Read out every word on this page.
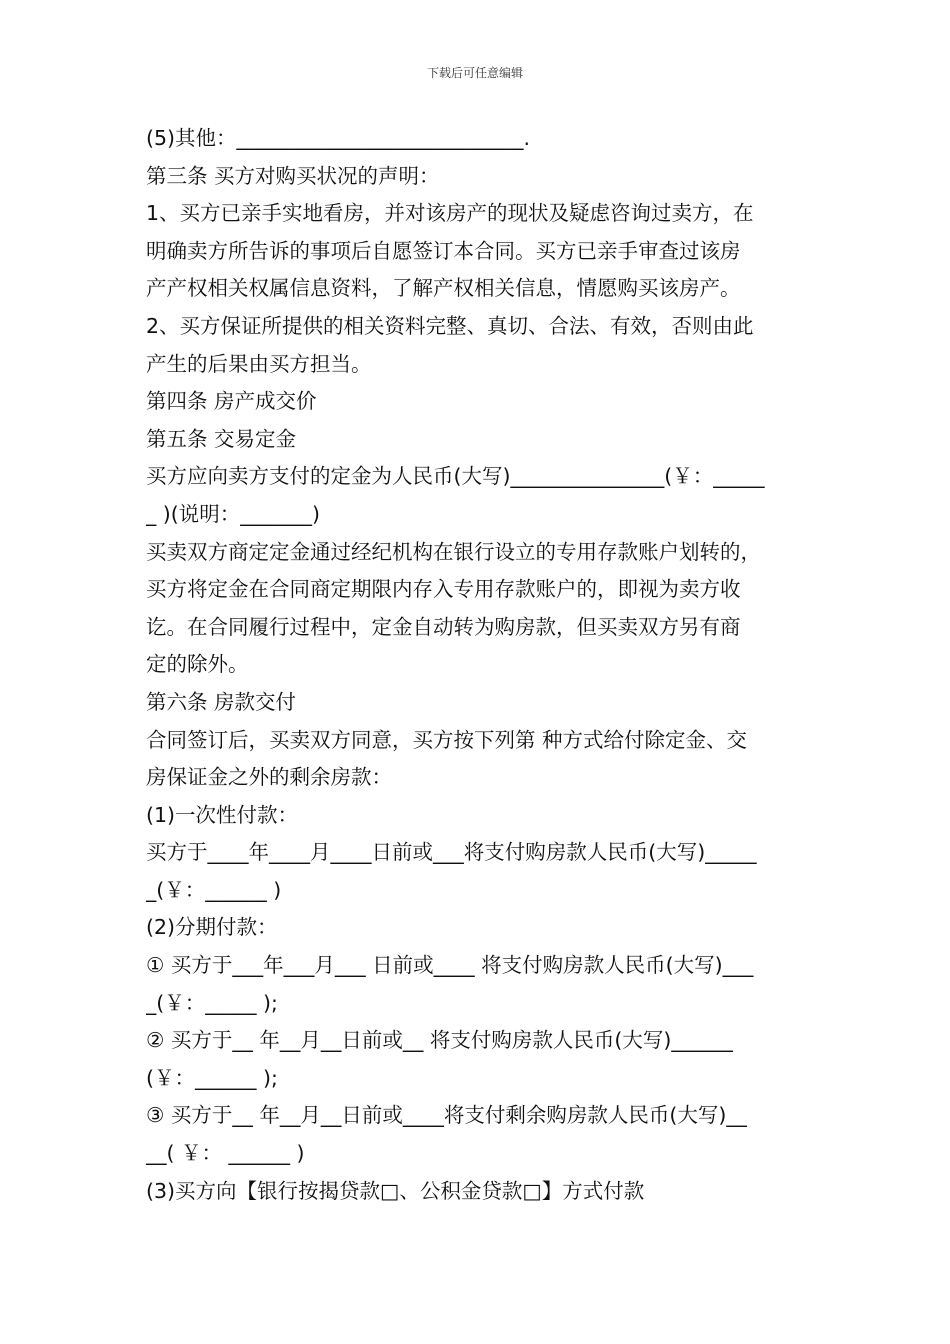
下载后可任意编辑
(5)其他：____________________________.
第三条 买方对购买状况的声明：
1、买方已亲手实地看房，并对该房产的现状及疑虑咨询过卖方，在
明确卖方所告诉的事项后自愿签订本合同。买方已亲手审查过该房
产产权相关权属信息资料，了解产权相关信息，情愿购买该房产。
2、买方保证所提供的相关资料完整、真切、合法、有效，否则由此
产生的后果由买方担当。
第四条 房产成交价
第五条 交易定金
买方应向卖方支付的定金为人民币(大写)_______________(￥：_____
_ )(说明：_______)
买卖双方商定定金通过经纪机构在银行设立的专用存款账户划转的，
买方将定金在合同商定期限内存入专用存款账户的，即视为卖方收
讫。在合同履行过程中，定金自动转为购房款，但买卖双方另有商
定的除外。
第六条 房款交付
合同签订后，买卖双方同意，买方按下列第 种方式给付除定金、交
房保证金之外的剩余房款：
(1)一次性付款：
买方于____年____月____日前或___将支付购房款人民币(大写)_____
_(￥：______ )
(2)分期付款：
① 买方于___年___月___ 日前或____ 将支付购房款人民币(大写)___
_(￥：_____ );
② 买方于__ 年__月__日前或__ 将支付购房款人民币(大写)______
(￥：______ );
③ 买方于__ 年__月__日前或____将支付剩余购房款人民币(大写)__
__( ￥： ______ )
(3)买方向【银行按揭贷款□、公积金贷款□】方式付款
